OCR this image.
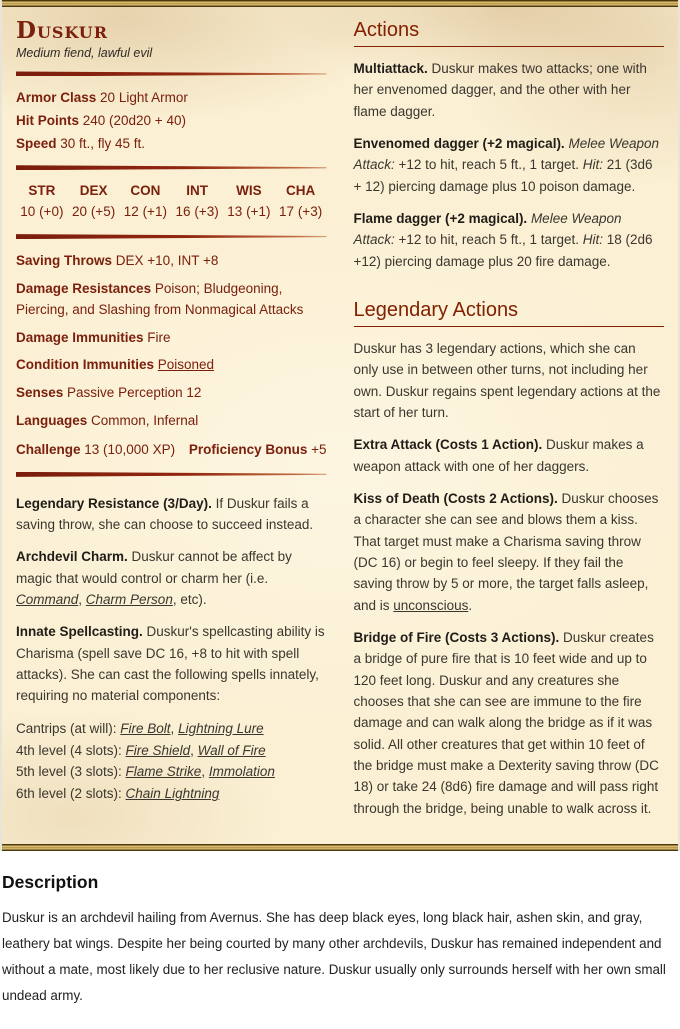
Duskur
Medium fiend, lawful evil
Armor Class 20 Light Armor
Hit Points 240 (20d20 + 40)
Speed 30 ft., fly 45 ft.
STR
10 (+0)
DEX
20 (+5)
CON
12 (+1)
INT
16 (+3)
WIS
13 (+1)
CHA
17 (+3)
Saving Throws DEX +10, INT +8
Damage Resistances Poison; Bludgeoning, Piercing, and Slashing from Nonmagical Attacks
Damage Immunities Fire
Condition Immunities Poisoned
Senses Passive Perception 12
Languages Common, Infernal
Challenge 13 (10,000 XP) Proficiency Bonus +5

Legendary Resistance (3/Day). If Duskur fails a saving throw, she can choose to succeed instead.

Archdevil Charm. Duskur cannot be affect by magic that would control or charm her (i.e. Command, Charm Person, etc).

Innate Spellcasting. Duskur's spellcasting ability is Charisma (spell save DC 16, +8 to hit with spell attacks). She can cast the following spells innately, requiring no material components:

Cantrips (at will): Fire Bolt, Lightning Lure
4th level (4 slots): Fire Shield, Wall of Fire
5th level (3 slots): Flame Strike, Immolation
6th level (2 slots): Chain Lightning
Actions

Multiattack. Duskur makes two attacks; one with her envenomed dagger, and the other with her flame dagger.

Envenomed dagger (+2 magical). Melee Weapon Attack: +12 to hit, reach 5 ft., 1 target. Hit: 21 (3d6 + 12) piercing damage plus 10 poison damage.

Flame dagger (+2 magical). Melee Weapon Attack: +12 to hit, reach 5 ft., 1 target. Hit: 18 (2d6 +12) piercing damage plus 20 fire damage.

Legendary Actions

Duskur has 3 legendary actions, which she can only use in between other turns, not including her own. Duskur regains spent legendary actions at the start of her turn.

Extra Attack (Costs 1 Action). Duskur makes a weapon attack with one of her daggers.

Kiss of Death (Costs 2 Actions). Duskur chooses a character she can see and blows them a kiss. That target must make a Charisma saving throw (DC 16) or begin to feel sleepy. If they fail the saving throw by 5 or more, the target falls asleep, and is unconscious.

Bridge of Fire (Costs 3 Actions). Duskur creates a bridge of pure fire that is 10 feet wide and up to 120 feet long. Duskur and any creatures she chooses that she can see are immune to the fire damage and can walk along the bridge as if it was solid. All other creatures that get within 10 feet of the bridge must make a Dexterity saving throw (DC 18) or take 24 (8d6) fire damage and will pass right through the bridge, being unable to walk across it.

Description

Duskur is an archdevil hailing from Avernus. She has deep black eyes, long black hair, ashen skin, and gray, leathery bat wings. Despite her being courted by many other archdevils, Duskur has remained independent and without a mate, most likely due to her reclusive nature. Duskur usually only surrounds herself with her own small undead army.
